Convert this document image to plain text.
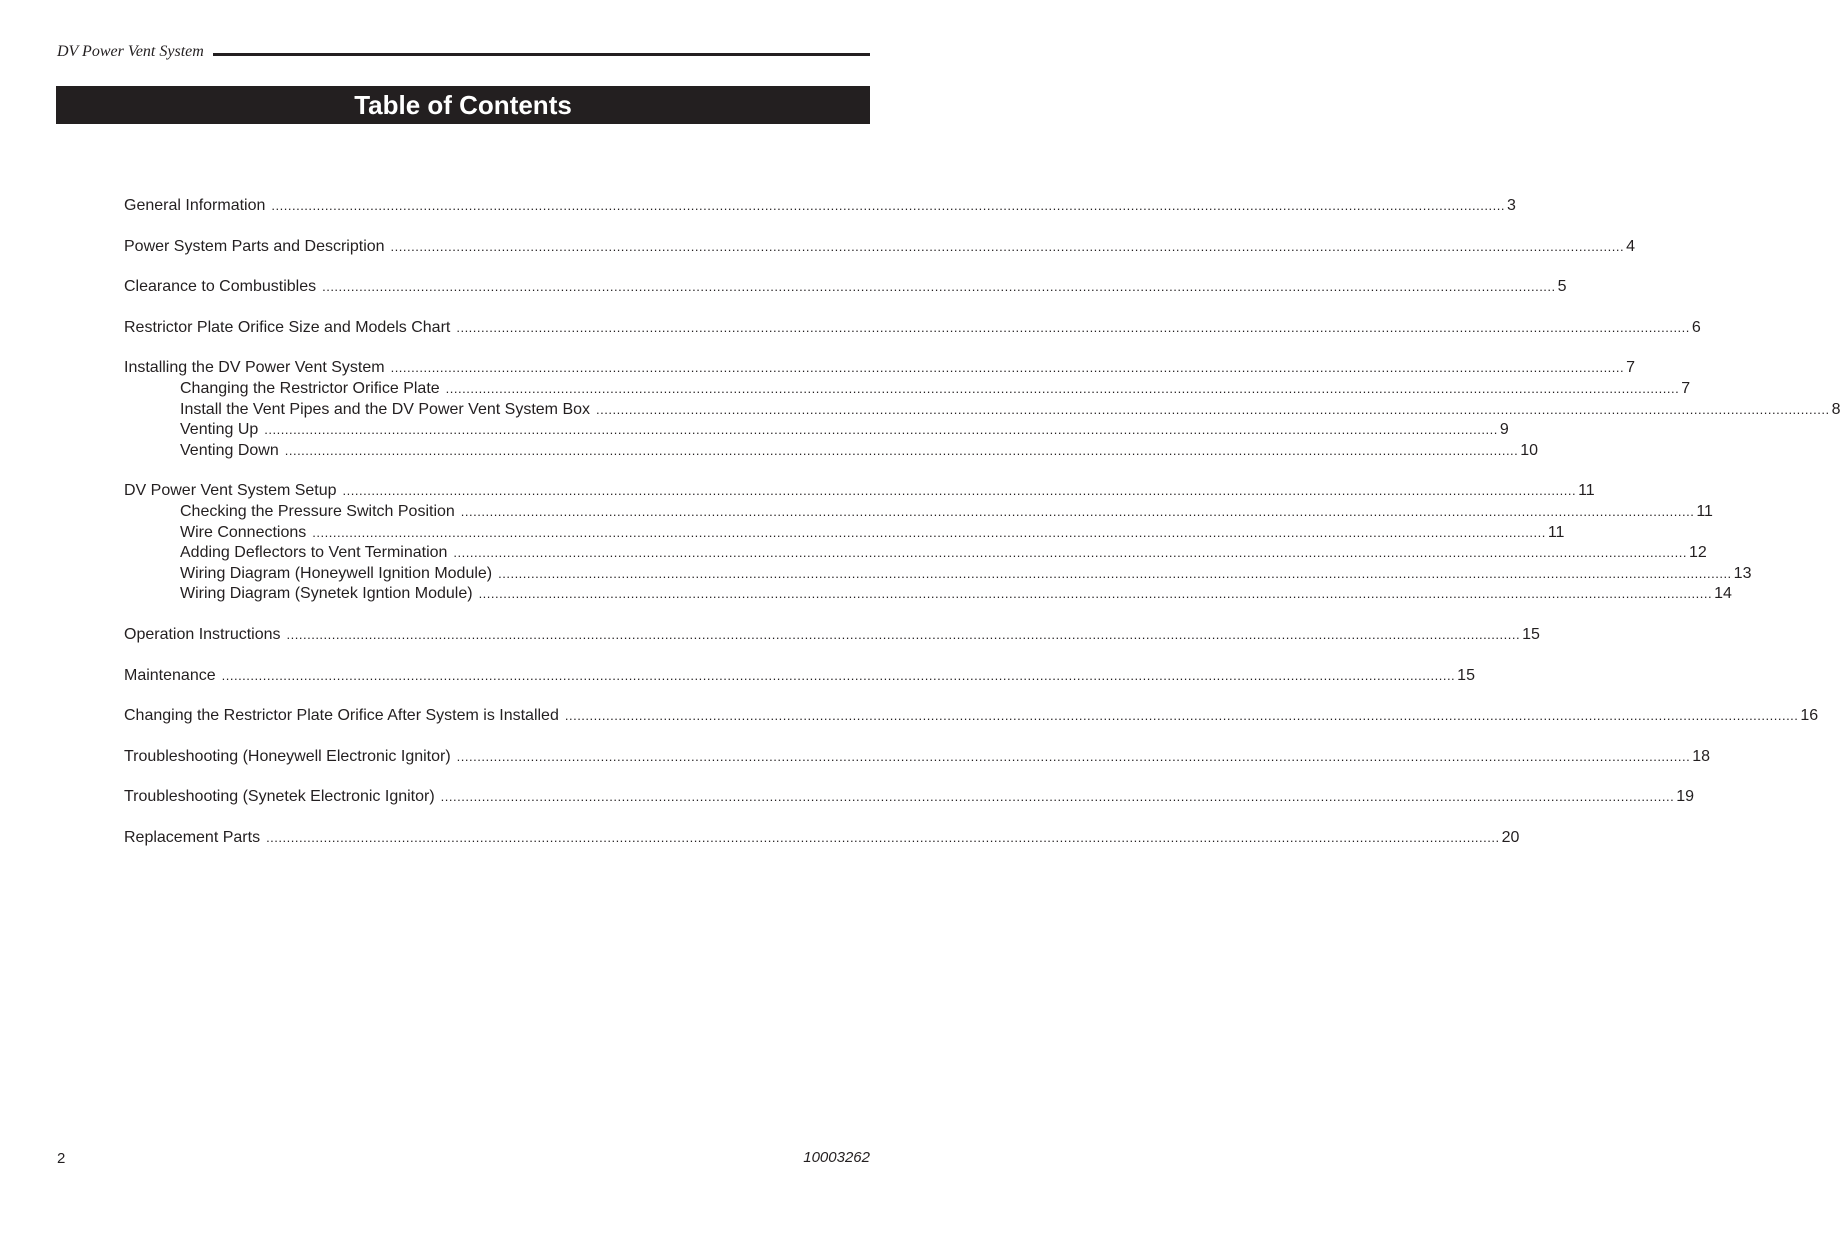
DV Power Vent System
Table of Contents
General Information ............................................................................................................................................................................................................................................................................................................ 3
Power System Parts and Description ............................................................................................................................................................................................................................................................................................................ 4
Clearance to Combustibles ............................................................................................................................................................................................................................................................................................................ 5
Restrictor Plate Orifice Size and Models Chart ............................................................................................................................................................................................................................................................................................................ 6
Installing the DV Power Vent System ............................................................................................................................................................................................................................................................................................................ 7
Changing the Restrictor Orifice Plate ............................................................................................................................................................................................................................................................................................................ 7
Install the Vent Pipes and the DV Power Vent System Box ............................................................................................................................................................................................................................................................................................................ 8
Venting Up ............................................................................................................................................................................................................................................................................................................ 9
Venting Down ............................................................................................................................................................................................................................................................................................................ 10
DV Power Vent System Setup ............................................................................................................................................................................................................................................................................................................ 11
Checking the Pressure Switch Position ............................................................................................................................................................................................................................................................................................................ 11
Wire Connections ............................................................................................................................................................................................................................................................................................................ 11
Adding Deflectors to Vent Termination ............................................................................................................................................................................................................................................................................................................ 12
Wiring Diagram (Honeywell Ignition Module) ............................................................................................................................................................................................................................................................................................................ 13
Wiring Diagram (Synetek Igntion Module) ............................................................................................................................................................................................................................................................................................................ 14
Operation Instructions ............................................................................................................................................................................................................................................................................................................ 15
Maintenance ............................................................................................................................................................................................................................................................................................................ 15
Changing the Restrictor Plate Orifice After System is Installed ............................................................................................................................................................................................................................................................................................................ 16
Troubleshooting (Honeywell Electronic Ignitor) ............................................................................................................................................................................................................................................................................................................ 18
Troubleshooting (Synetek Electronic Ignitor) ............................................................................................................................................................................................................................................................................................................ 19
Replacement Parts ............................................................................................................................................................................................................................................................................................................ 20
2	10003262
